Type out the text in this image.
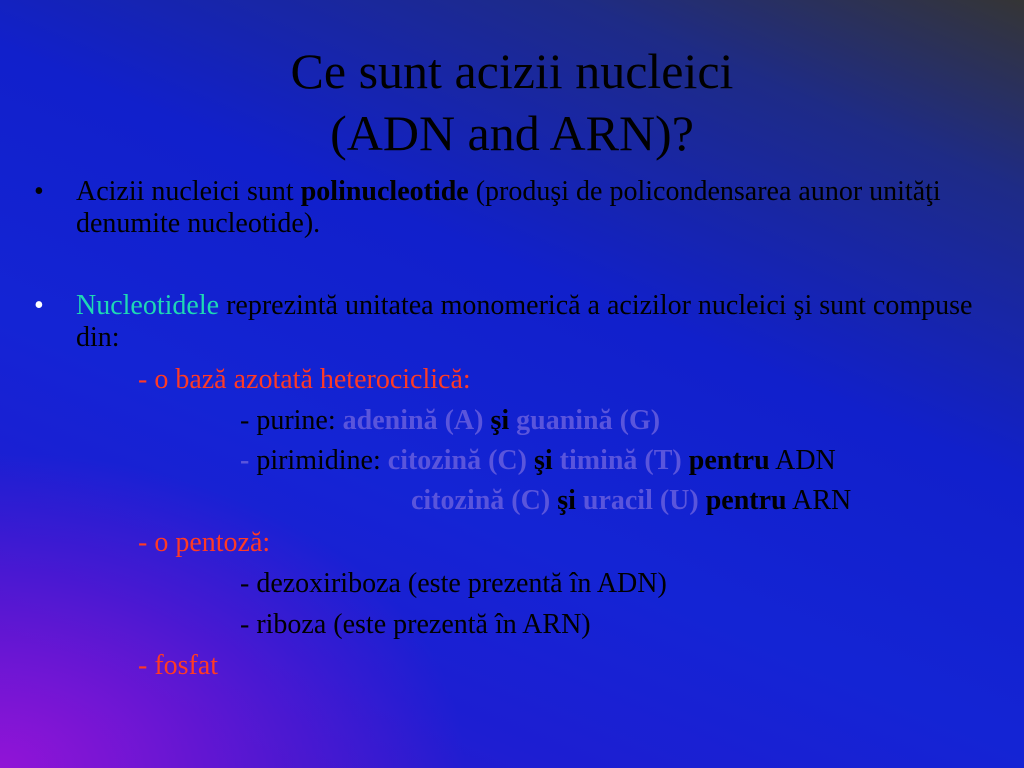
Ce sunt acizii nucleici
(ADN and ARN)?
•	Acizii nucleici sunt polinucleotide (produşi de policondensarea aunor unităţi denumite nucleotide).
•	Nucleotidele reprezintă unitatea monomerică a acizilor nucleici şi sunt compuse din:
- o bază azotată heterociclică:
- purine: adenină (A) şi guanină (G)
- pirimidine: citozină (C) şi timină (T) pentru ADN
citozină (C) şi uracil (U) pentru ARN
- o pentoză:
- dezoxiriboza (este prezentă în ADN)
- riboza (este prezentă în ARN)
- fosfat
